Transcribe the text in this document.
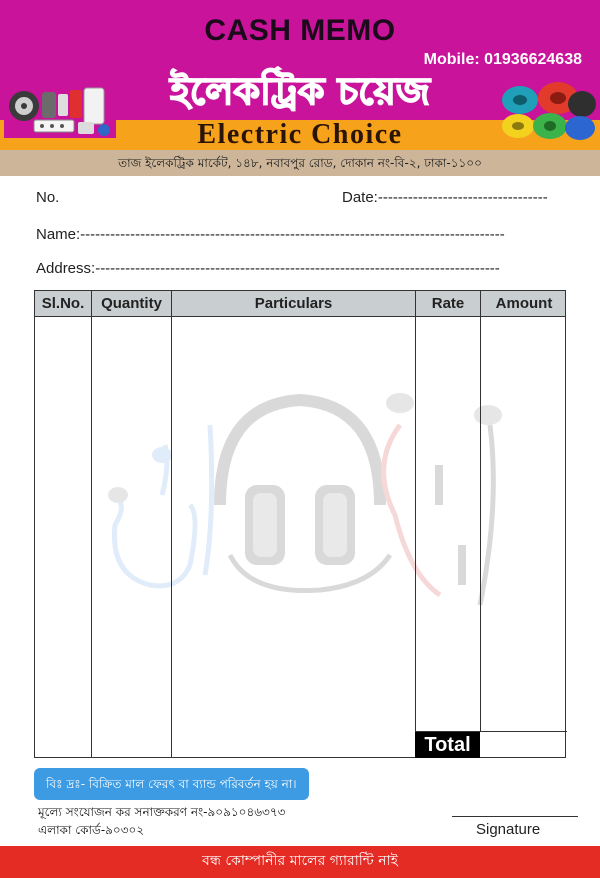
CASH MEMO
Mobile: 01936624638
ইলেকট্রিক চয়েজ
Electric Choice
তাজ ইলেকট্রিক মার্কেট, ১৪৮, নবাবপুর রোড, দোকান নং-বি-২, ঢাকা-১১০০
No.	Date:----------------------------------
Name:-------------------------------------------------------------------------------------
Address:---------------------------------------------------------------------------------
Sl.No.	Quantity	Particulars	Rate	Amount
Total
বিঃ দ্রঃ- বিক্রিত মাল ফেরৎ বা ব্যান্ড পরিবর্তন হয় না।
মূল্যে সংযোজন কর সনাক্তকরণ নং-৯০৯১০৪৬৩৭৩
এলাকা কোর্ড-৯০৩০২	Signature
বন্ধ কোম্পানীর মালের গ্যারান্টি নাই
